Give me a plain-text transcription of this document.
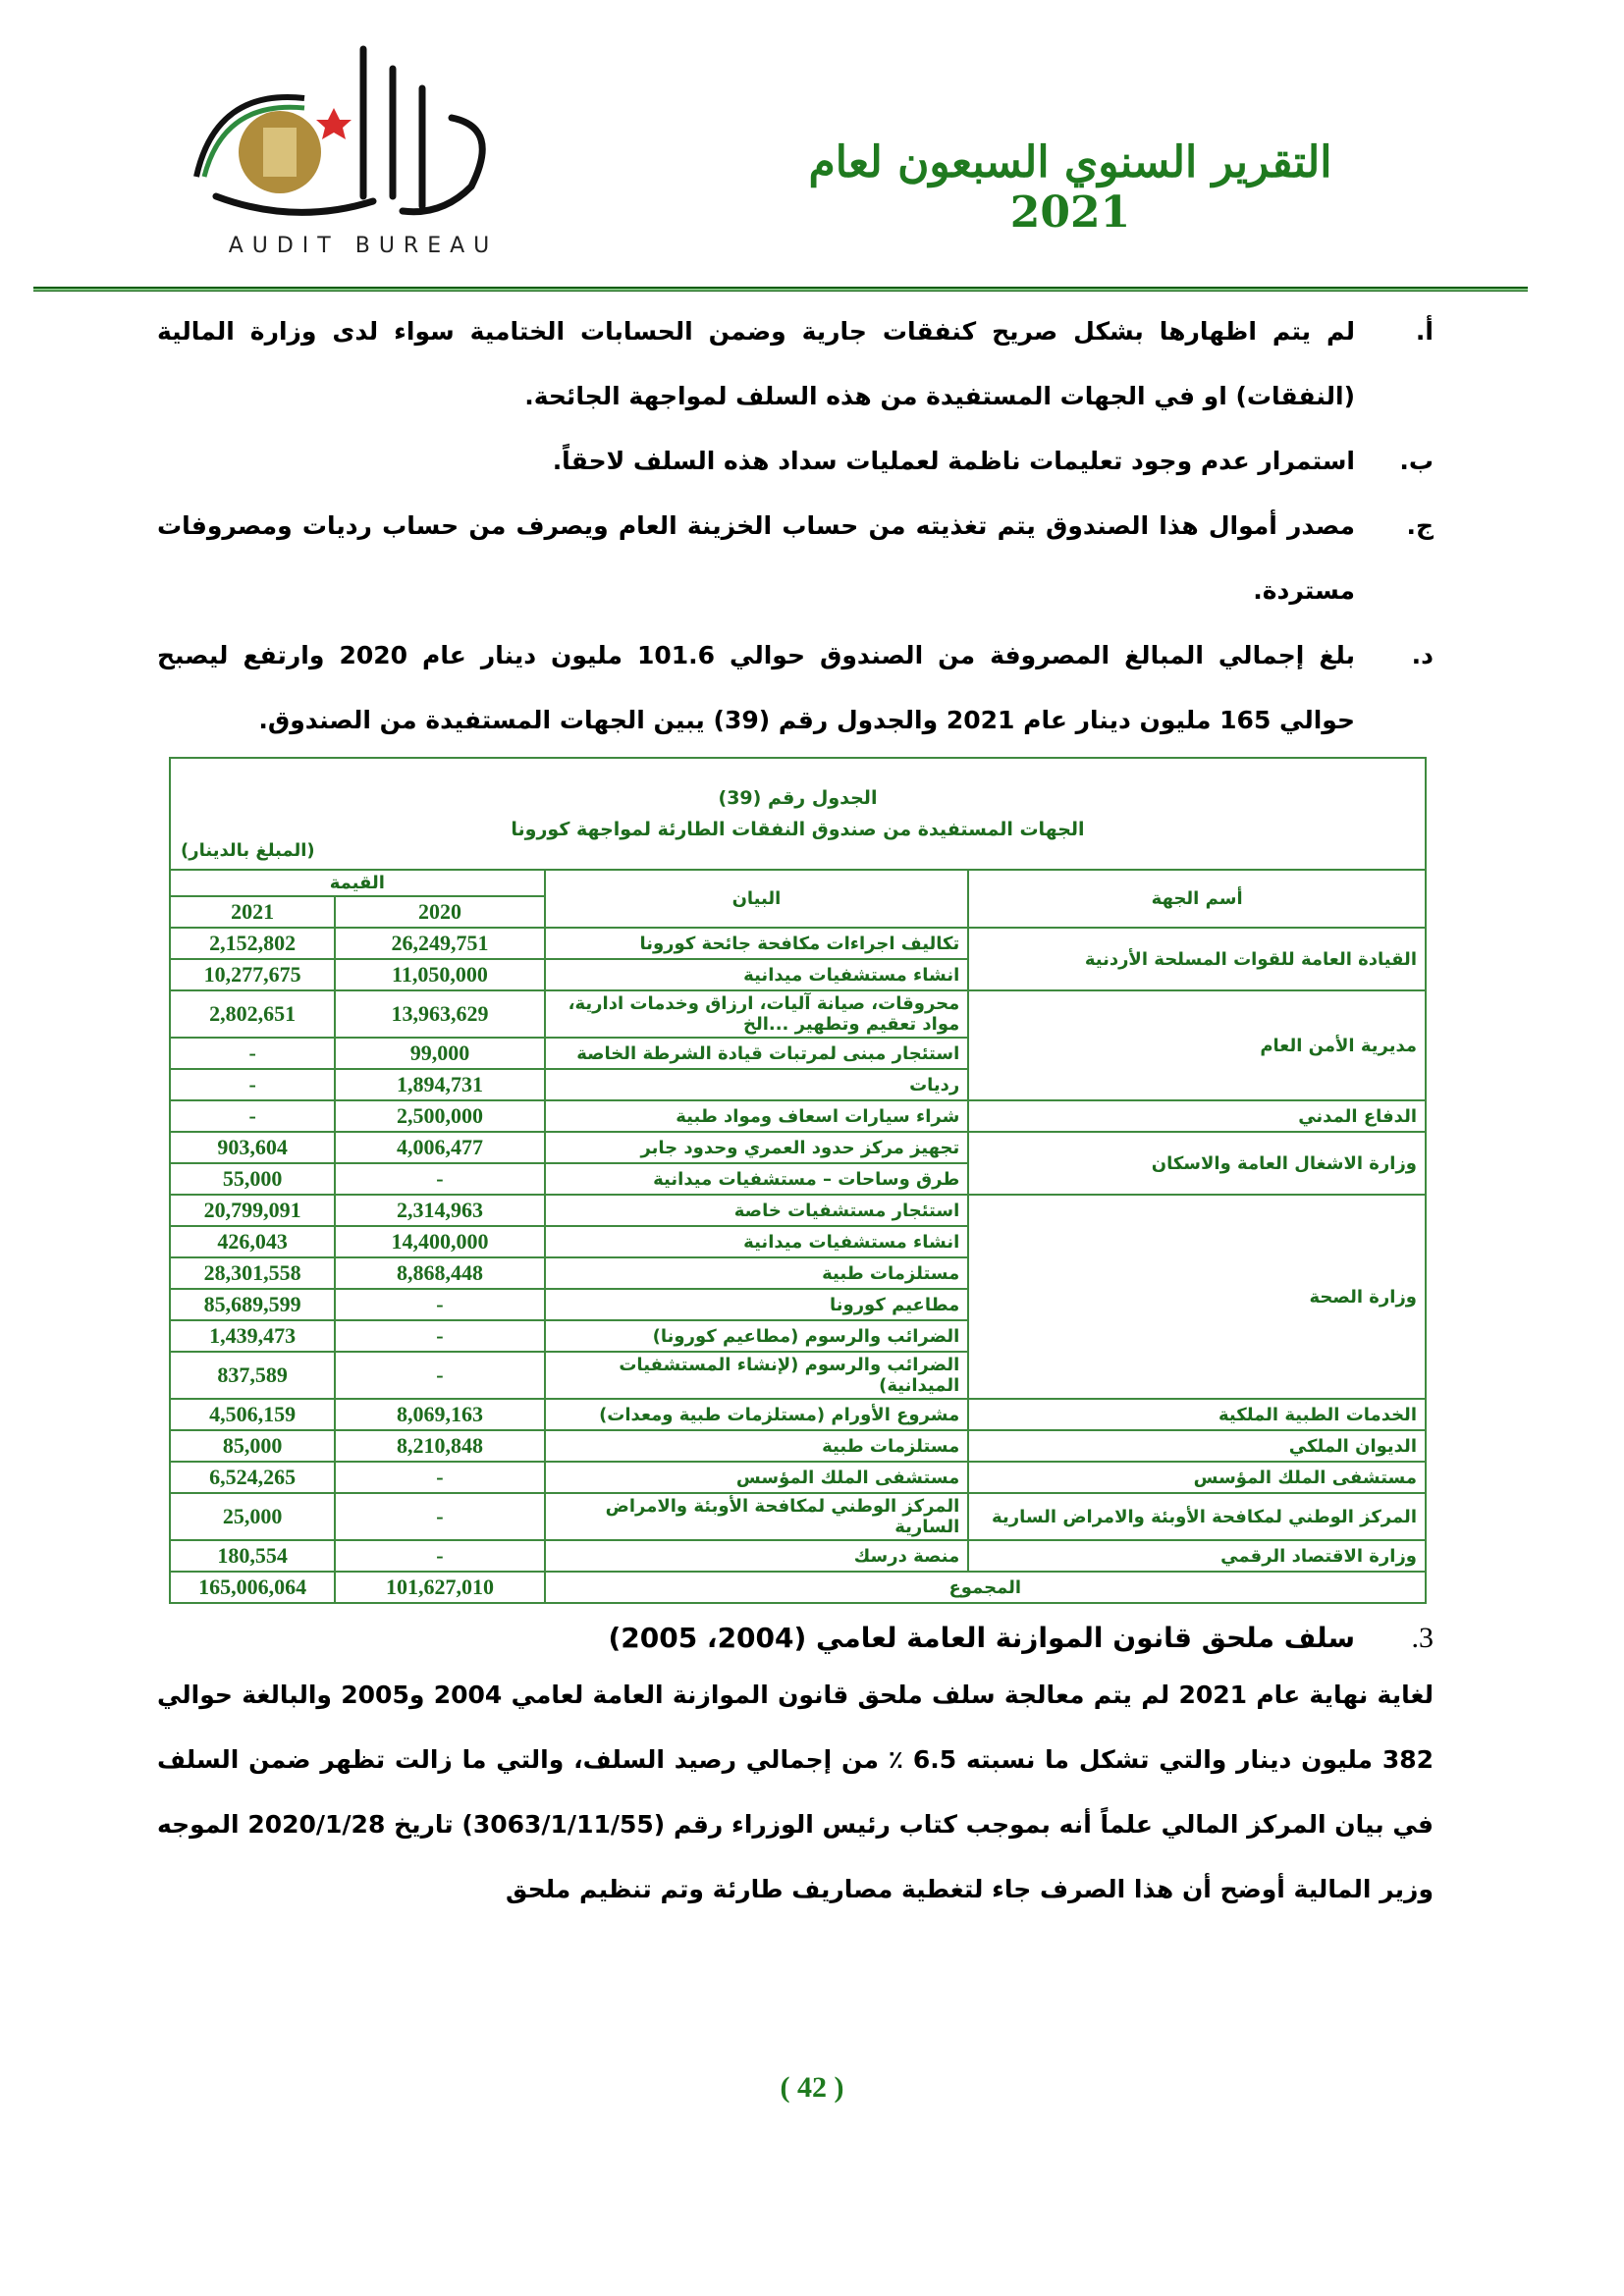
AUDIT BUREAU
التقرير السنوي السبعون لعام 2021
أ.
لم يتم اظهارها بشكل صريح كنفقات جارية وضمن الحسابات الختامية سواء لدى وزارة المالية (النفقات) او في الجهات المستفيدة من هذه السلف لمواجهة الجائحة.
ب.
استمرار عدم وجود تعليمات ناظمة لعمليات سداد هذه السلف لاحقاً.
ج.
مصدر أموال هذا الصندوق يتم تغذيته من حساب الخزينة العام ويصرف من حساب رديات ومصروفات مستردة.
د.
بلغ إجمالي المبالغ المصروفة من الصندوق حوالي 101.6 مليون دينار عام 2020 وارتفع ليصبح حوالي 165 مليون دينار عام 2021 والجدول رقم (39) يبين الجهات المستفيدة من الصندوق.
الجدول رقم (39)
الجهات المستفيدة من صندوق النفقات الطارئة لمواجهة كورونا
(المبلغ بالدينار)			

أسم الجهة	البيان	القيمة	
		2020	2021
القيادة العامة للقوات المسلحة الأردنية	تكاليف اجراءات مكافحة جائحة كورونا	26,249,751	2,152,802
	انشاء مستشفيات ميدانية	11,050,000	10,277,675
مديرية الأمن العام	محروقات، صيانة آليات، ارزاق وخدمات ادارية، مواد تعقيم وتطهير ...الخ	13,963,629	2,802,651
	استئجار مبنى لمرتبات قيادة الشرطة الخاصة	99,000	-
	رديات	1,894,731	-
الدفاع المدني	شراء سيارات اسعاف ومواد طبية	2,500,000	-
وزارة الاشغال العامة والاسكان	تجهيز مركز حدود العمري وحدود جابر	4,006,477	903,604
	طرق وساحات – مستشفيات ميدانية	-	55,000
وزارة الصحة	استئجار مستشفيات خاصة	2,314,963	20,799,091
	انشاء مستشفيات ميدانية	14,400,000	426,043
	مستلزمات طبية	8,868,448	28,301,558
	مطاعيم كورونا	-	85,689,599
	الضرائب والرسوم (مطاعيم كورونا)	-	1,439,473
	الضرائب والرسوم (لإنشاء المستشفيات الميدانية)	-	837,589
الخدمات الطبية الملكية	مشروع الأورام (مستلزمات طبية ومعدات)	8,069,163	4,506,159
الديوان الملكي	مستلزمات طبية	8,210,848	85,000
مستشفى الملك المؤسس	مستشفى الملك المؤسس	-	6,524,265
المركز الوطني لمكافحة الأوبئة والامراض السارية	المركز الوطني لمكافحة الأوبئة والامراض السارية	-	25,000
وزارة الاقتصاد الرقمي	منصة درسك	-	180,554
المجموع		101,627,010	165,006,064
3.
سلف ملحق قانون الموازنة العامة لعامي (2004، 2005)
لغاية نهاية عام 2021 لم يتم معالجة سلف ملحق قانون الموازنة العامة لعامي 2004 و2005 والبالغة حوالي 382 مليون دينار والتي تشكل ما نسبته 6.5 ٪ من إجمالي رصيد السلف، والتي ما زالت تظهر ضمن السلف في بيان المركز المالي علماً أنه بموجب كتاب رئيس الوزراء رقم (3063/1/11/55) تاريخ 2020/1/28 الموجه وزير المالية أوضح أن هذا الصرف جاء لتغطية مصاريف طارئة وتم تنظيم ملحق
( 42 )
